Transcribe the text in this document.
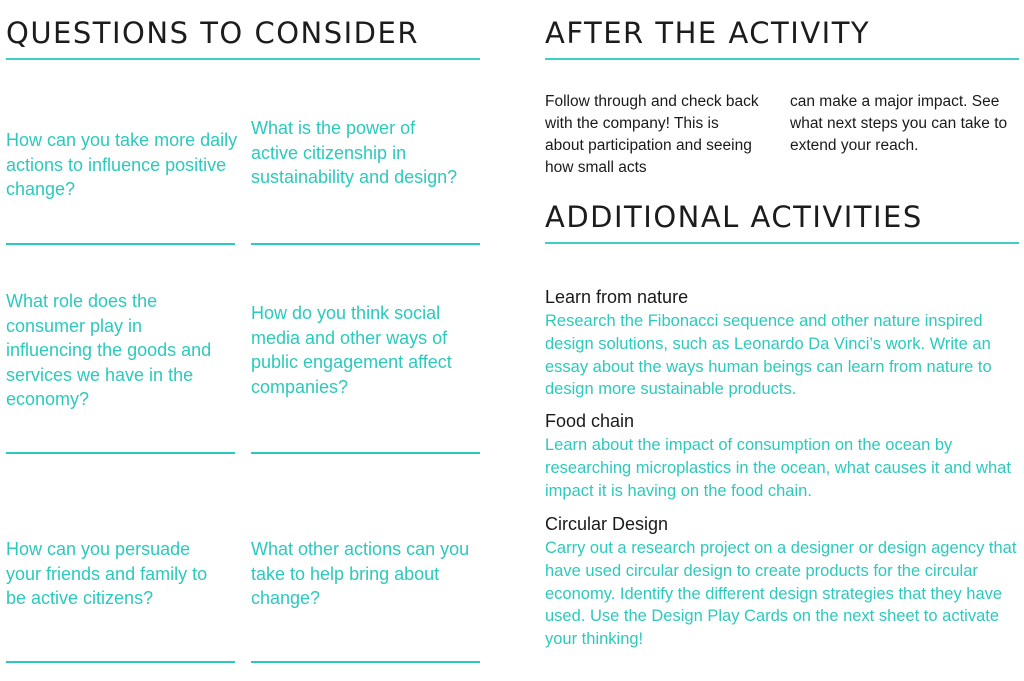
QUESTIONS TO CONSIDER

How can you take more daily actions to influence positive change?

What is the power of active citizenship in sustainability and design?

What role does the consumer play in influencing the goods and services we have in the economy?

How do you think social media and other ways of public engagement affect companies?

How can you persuade your friends and family to be active citizens?

What other actions can you take to help bring about change?

AFTER THE ACTIVITY

Follow through and check back with the company! This is about participation and seeing how small acts

can make a major impact. See what next steps you can take to extend your reach.

ADDITIONAL ACTIVITIES

Learn from nature

Research the Fibonacci sequence and other nature inspired design solutions, such as Leonardo Da Vinci’s work. Write an essay about the ways human beings can learn from nature to design more sustainable products.

Food chain

Learn about the impact of consumption on the ocean by researching microplastics in the ocean, what causes it and what impact it is having on the food chain.

Circular Design

Carry out a research project on a designer or design agency that have used circular design to create products for the circular economy. Identify the different design strategies that they have used. Use the Design Play Cards on the next sheet to activate your thinking!
